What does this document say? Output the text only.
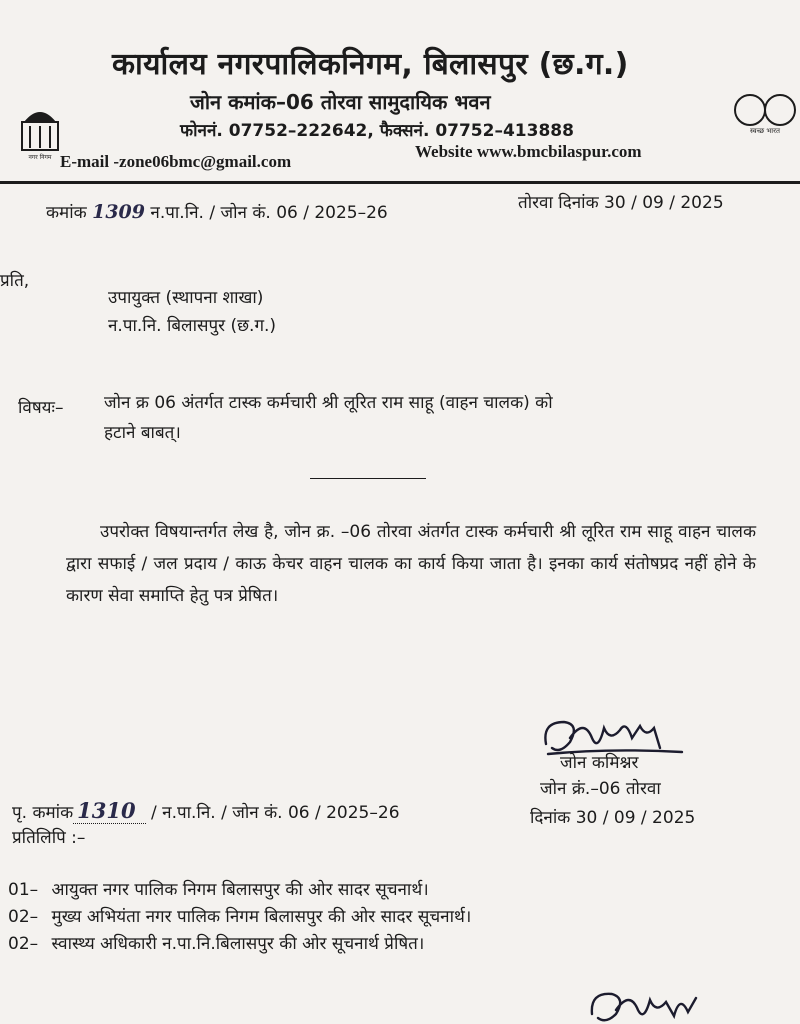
नगर निगम
कार्यालय नगरपालिकनिगम, बिलासपुर (छ.ग.)
जोन कमांक–06 तोरवा सामुदायिक भवन
फोननं. 07752–222642, फैक्सनं. 07752–413888
E-mail -zone06bmc@gmail.com
Website www.bmcbilaspur.com
स्वच्छ भारत
कमांक 1309 न.पा.नि. / जोन कं. 06 / 2025–26	तोरवा दिनांक 30 / 09 / 2025
प्रति,
उपायुक्त (स्थापना शाखा)
न.पा.नि. बिलासपुर (छ.ग.)
विषयः– जोन क्र 06 अंतर्गत टास्क कर्मचारी श्री लूरित राम साहू (वाहन चालक) को
हटाने बाबत्।
उपरोक्त विषयान्तर्गत लेख है, जोन क्र. –06 तोरवा अंतर्गत टास्क कर्मचारी श्री लूरित राम साहू वाहन चालक द्वारा सफाई / जल प्रदाय / काऊ केचर वाहन चालक का कार्य किया जाता है। इनका कार्य संतोषप्रद नहीं होने के कारण सेवा समाप्ति हेतु पत्र प्रेषित।
जोन कमिश्नर
जोन क्रं.–06 तोरवा
दिनांक 30 / 09 / 2025
पृ. कमांक 1310 / न.पा.नि. / जोन कं. 06 / 2025–26
प्रतिलिपि :–
01– आयुक्त नगर पालिक निगम बिलासपुर की ओर सादर सूचनार्थ।
02– मुख्य अभियंता नगर पालिक निगम बिलासपुर की ओर सादर सूचनार्थ।
02– स्वास्थ्य अधिकारी न.पा.नि.बिलासपुर की ओर सूचनार्थ प्रेषित।
